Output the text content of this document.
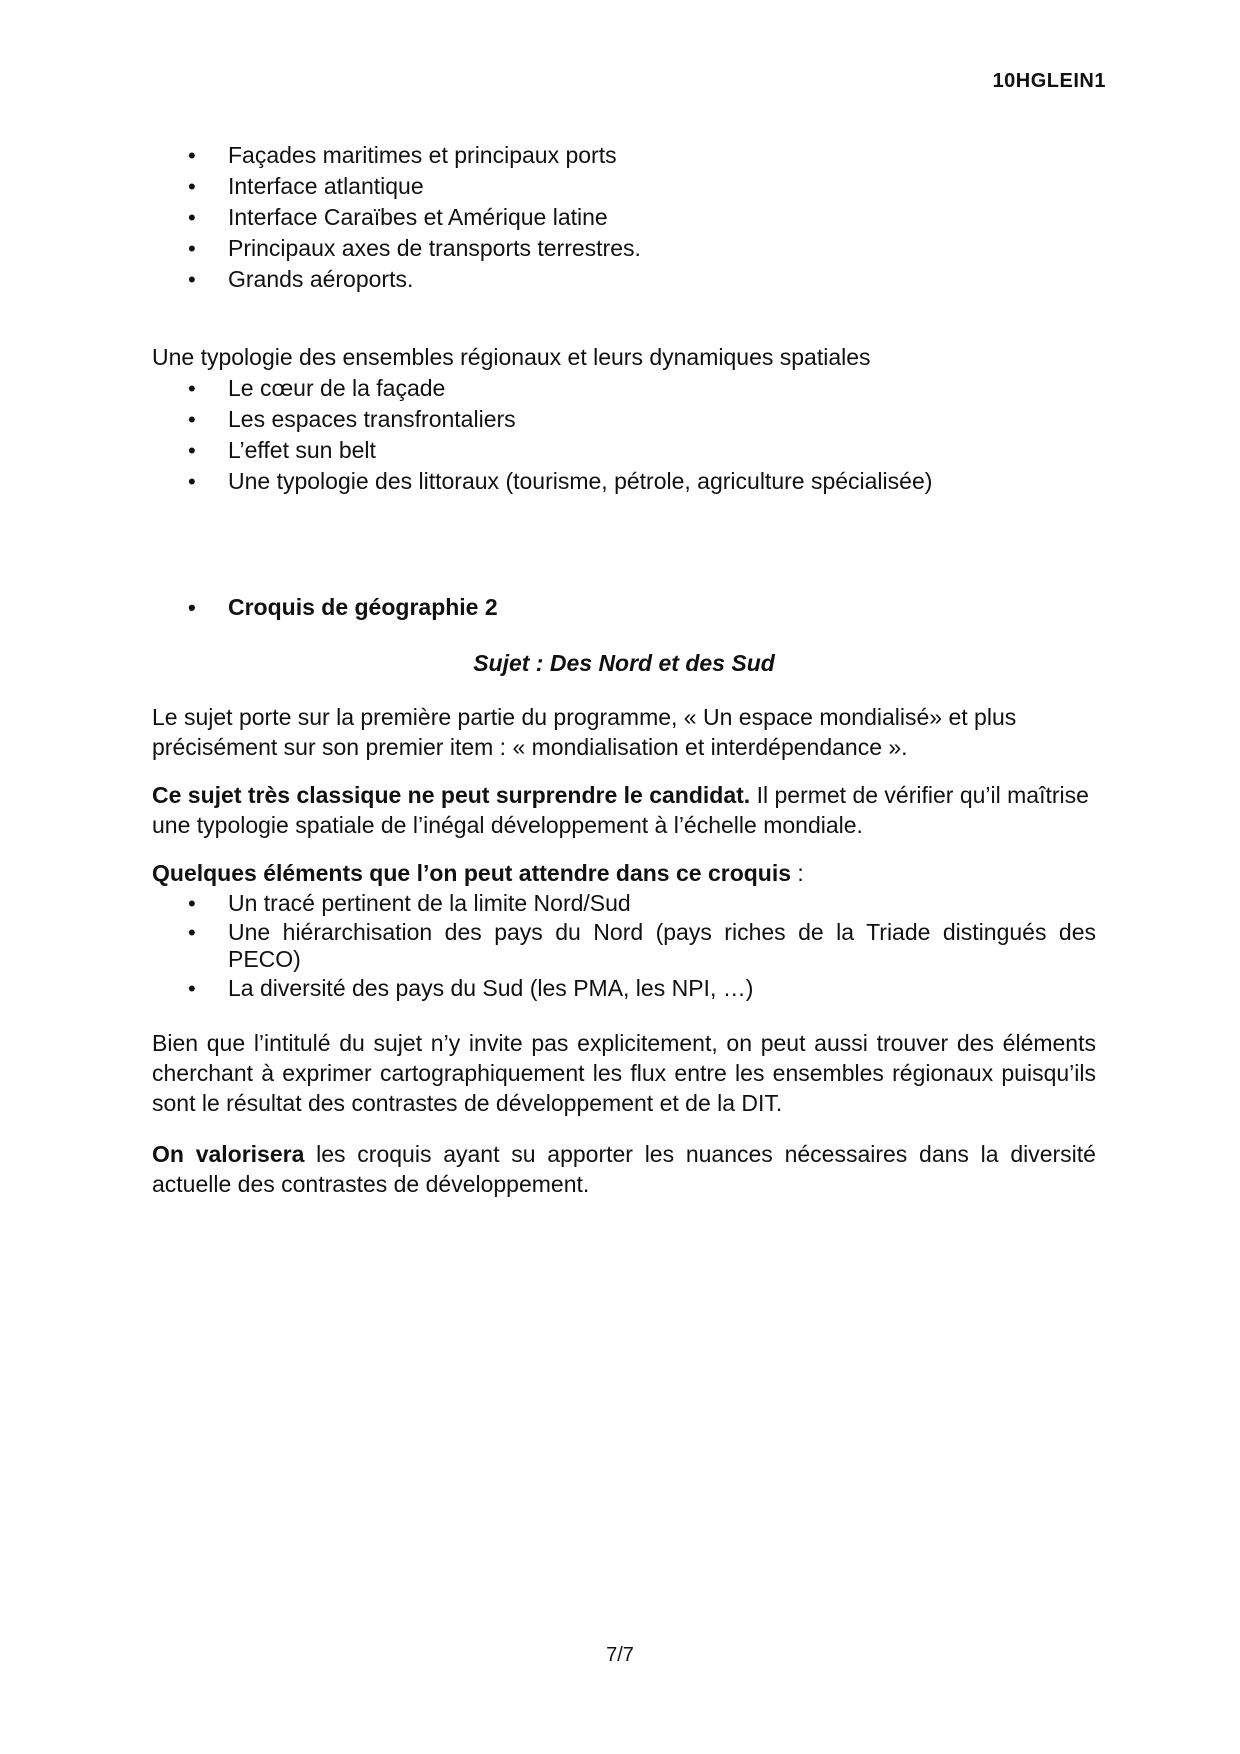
10HGLEIN1
• Façades maritimes et principaux ports
• Interface atlantique
• Interface Caraïbes et Amérique latine
• Principaux axes de transports terrestres.
• Grands aéroports.

Une typologie des ensembles régionaux et leurs dynamiques spatiales

• Le cœur de la façade
• Les espaces transfrontaliers
• L’effet sun belt
• Une typologie des littoraux (tourisme, pétrole, agriculture spécialisée)
• Croquis de géographie 2

Sujet : Des Nord et des Sud

Le sujet porte sur la première partie du programme, « Un espace mondialisé» et plus précisément sur son premier item : « mondialisation et interdépendance ».

Ce sujet très classique ne peut surprendre le candidat. Il permet de vérifier qu’il maîtrise une typologie spatiale de l’inégal développement à l’échelle mondiale.

Quelques éléments que l’on peut attendre dans ce croquis :

• Un tracé pertinent de la limite Nord/Sud
• Une hiérarchisation des pays du Nord (pays riches de la Triade distingués des PECO)
• La diversité des pays du Sud (les PMA, les NPI, …)

Bien que l’intitulé du sujet n’y invite pas explicitement, on peut aussi trouver des éléments cherchant à exprimer cartographiquement les flux entre les ensembles régionaux puisqu’ils sont le résultat des contrastes de développement et de la DIT.

On valorisera les croquis ayant su apporter les nuances nécessaires dans la diversité actuelle des contrastes de développement.

7/7
